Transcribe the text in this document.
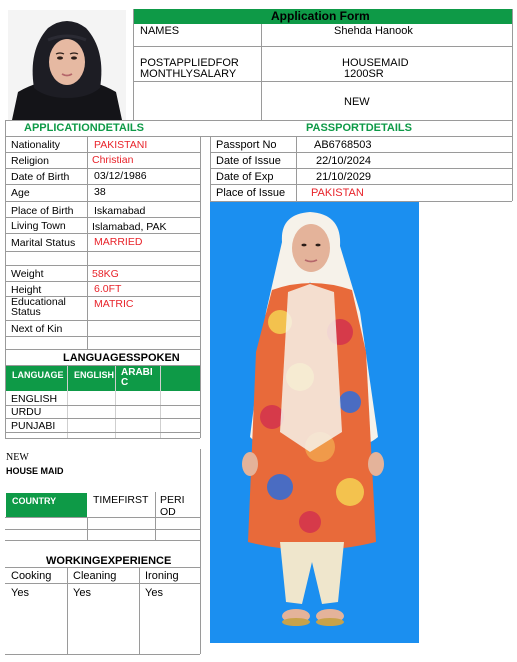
Application Form
NAMES	Shehda Hanook
POSTAPPLIEDFOR	HOUSEMAID
MONTHLYSALARY	1200SR
NEW
APPLICATIONDETAILS	PASSPORTDETAILS
Nationality	PAKISTANI
Religion	Christian
Date of Birth 03/12/1986
Age	38
Place of Birth Iskamabad
Living Town	Islamabad, PAK
Marital Status MARRIED
Weight	58KG
Height	6.0FT
Educational Status
MATRIC
Next of Kin
LANGUAGESSPOKEN
LANGUAGE ENGLISH ARABIC
ENGLISH
URDU
PUNJABI
NEW
HOUSE MAID
COUNTRY	TIMEFIRST PERIOD
WORKINGEXPERIENCE
Cooking Cleaning	Ironing
Yes	Yes	Yes
Passport No	AB6768503
Date of Issue	22/10/2024
Date of Exp	21/10/2029
Place of Issue PAKISTAN
